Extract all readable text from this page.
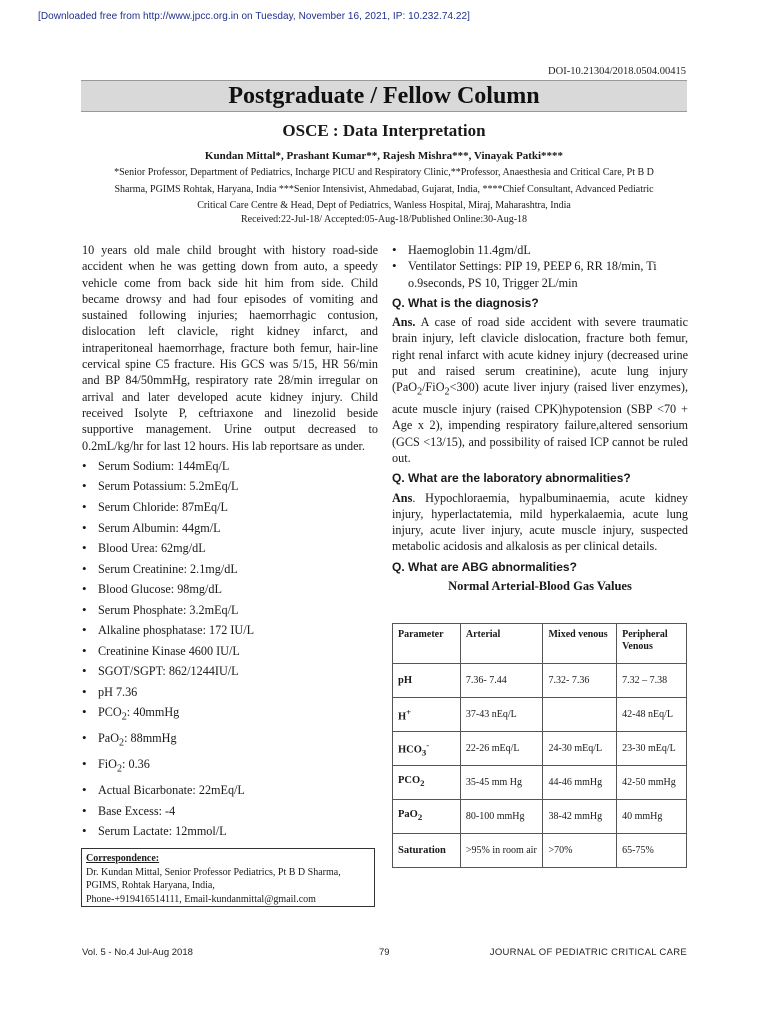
[Downloaded free from http://www.jpcc.org.in on Tuesday, November 16, 2021, IP: 10.232.74.22]
DOI-10.21304/2018.0504.00415
Postgraduate / Fellow Column
OSCE : Data Interpretation
Kundan Mittal*, Prashant Kumar**, Rajesh Mishra***, Vinayak Patki****
*Senior Professor, Department of Pediatrics, Incharge PICU and Respiratory Clinic,**Professor, Anaesthesia and Critical Care, Pt B D Sharma, PGIMS Rohtak, Haryana, India ***Senior Intensivist, Ahmedabad, Gujarat, India, ****Chief Consultant, Advanced Pediatric Critical Care Centre & Head, Dept of Pediatrics, Wanless Hospital, Miraj, Maharashtra, India
Received:22-Jul-18/ Accepted:05-Aug-18/Published Online:30-Aug-18

10 years old male child brought with history road-side accident when he was getting down from auto, a speedy vehicle come from back side hit him from side. Child became drowsy and had four episodes of vomiting and sustained following injuries; haemorrhagic contusion, dislocation left clavicle, right kidney infarct, and intraperitoneal haemorrhage, fracture both femur, hair-line cervical spine C5 fracture. His GCS was 5/15, HR 56/min and BP 84/50mmHg, respiratory rate 28/min irregular on arrival and later developed acute kidney injury. Child received Isolyte P, ceftriaxone and linezolid beside supportive management. Urine output decreased to 0.2mL/kg/hr for last 12 hours. His lab reportsare as under.

• Serum Sodium: 144mEq/L
• Serum Potassium: 5.2mEq/L
• Serum Chloride: 87mEq/L
• Serum Albumin: 44gm/L
• Blood Urea: 62mg/dL
• Serum Creatinine: 2.1mg/dL
• Blood Glucose: 98mg/dL
• Serum Phosphate: 3.2mEq/L
• Alkaline phosphatase: 172 IU/L
• Creatinine Kinase 4600 IU/L
• SGOT/SGPT: 862/1244IU/L
• pH 7.36
• $PCO_2$: 40mmHg
• PaO$_2$: 88mmHg
• FiO$_2$: 0.36
• Actual Bicarbonate: 22mEq/L
• Base Excess: -4
• Serum Lactate: 12mmol/L
• Haemoglobin 11.4gm/dL
• Ventilator Settings: PIP 19, PEEP 6, RR 18/min, Ti o.9seconds, PS 10, Trigger 2L/min
Q. What is the diagnosis?

Ans. A case of road side accident with severe traumatic brain injury, left clavicle dislocation, fracture both femur, right renal infarct with acute kidney injury (decreased urine put and raised serum creatinine), acute lung injury (PaO$_2$/FiO$_2$<300) acute liver injury (raised liver enzymes), acute muscle injury (raised CPK)hypotension (SBP <70 + Age x 2), impending respiratory failure,altered sensorium (GCS <13/15), and possibility of raised ICP cannot be ruled out.

Q. What are the laboratory abnormalities?

Ans. Hypochloraemia, hypalbuminaemia, acute kidney injury, hyperlactatemia, mild hyperkalaemia, acute lung injury, acute liver injury, acute muscle injury, suspected metabolic acidosis and alkalosis as per clinical details.

Q. What are ABG abnormalities?
Normal Arterial-Blood Gas Values
Parameter	Arterial	Mixed venous	Peripheral Venous
pH	7.36- 7.44	7.32- 7.36	7.32 – 7.38
H+	37-43 nEq/L		42-48 nEq/L
$HCO_3^-$	22-26 mEq/L	24-30 mEq/L	23-30 mEq/L
$PCO_2$	35-45 mm Hg	44-46 mmHg	42-50 mmHg
PaO$_2$	80-100 mmHg	38-42 mmHg	40 mmHg
Saturation	>95% in room air	>70%	65-75%
Correspondence:
Dr. Kundan Mittal, Senior Professor Pediatrics, Pt B D Sharma, PGIMS, Rohtak Haryana, India,
Phone-+919416514111, Email-kundanmittal@gmail.com
Vol. 5 - No.4 Jul-Aug 2018	79	JOURNAL OF PEDIATRIC CRITICAL CARE
